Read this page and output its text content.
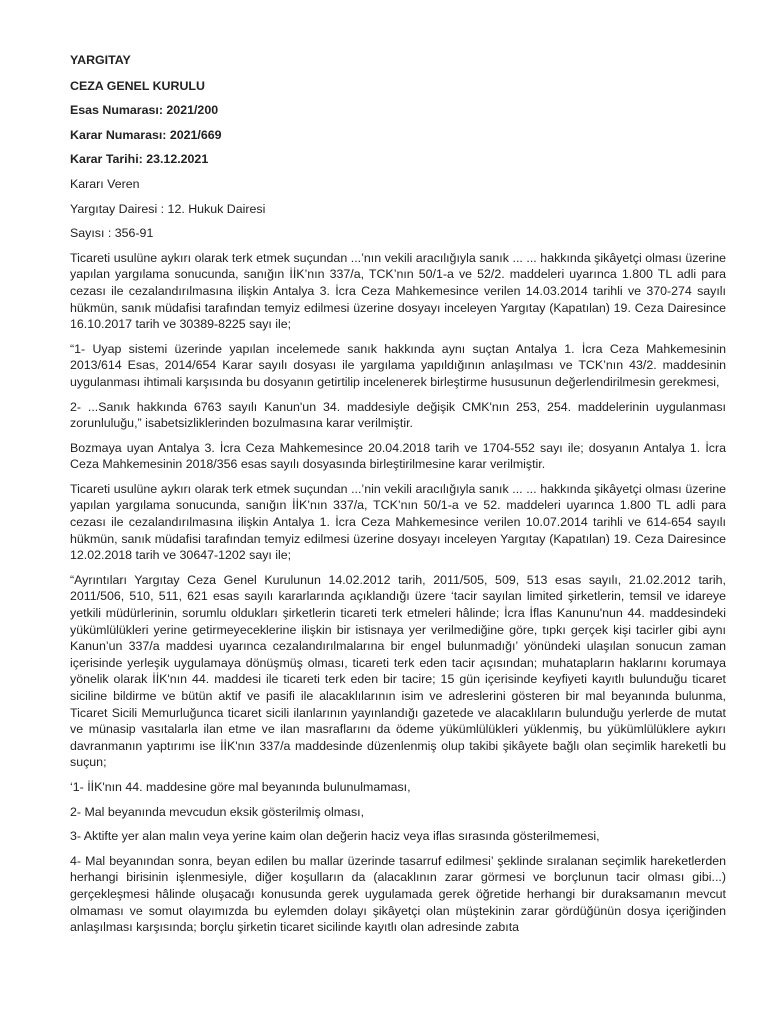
YARGITAY
CEZA GENEL KURULU
Esas Numarası: 2021/200
Karar Numarası: 2021/669
Karar Tarihi: 23.12.2021
Kararı Veren
Yargıtay Dairesi : 12. Hukuk Dairesi
Sayısı : 356-91

Ticareti usulüne aykırı olarak terk etmek suçundan ...’nın vekili aracılığıyla sanık ... ... hakkında şikâyetçi olması üzerine yapılan yargılama sonucunda, sanığın İİK’nın 337/a, TCK’nın 50/1-a ve 52/2. maddeleri uyarınca 1.800 TL adli para cezası ile cezalandırılmasına ilişkin Antalya 3. İcra Ceza Mahkemesince verilen 14.03.2014 tarihli ve 370-274 sayılı hükmün, sanık müdafisi tarafından temyiz edilmesi üzerine dosyayı inceleyen Yargıtay (Kapatılan) 19. Ceza Dairesince 16.10.2017 tarih ve 30389-8225 sayı ile;

“1- Uyap sistemi üzerinde yapılan incelemede sanık hakkında aynı suçtan Antalya 1. İcra Ceza Mahkemesinin 2013/614 Esas, 2014/654 Karar sayılı dosyası ile yargılama yapıldığının anlaşılması ve TCK’nın 43/2. maddesinin uygulanması ihtimali karşısında bu dosyanın getirtilip incelenerek birleştirme hususunun değerlendirilmesin gerekmesi,

2- ...Sanık hakkında 6763 sayılı Kanun'un 34. maddesiyle değişik CMK'nın 253, 254. maddelerinin uygulanması zorunluluğu,” isabetsizliklerinden bozulmasına karar verilmiştir.

Bozmaya uyan Antalya 3. İcra Ceza Mahkemesince 20.04.2018 tarih ve 1704-552 sayı ile; dosyanın Antalya 1. İcra Ceza Mahkemesinin 2018/356 esas sayılı dosyasında birleştirilmesine karar verilmiştir.

Ticareti usulüne aykırı olarak terk etmek suçundan ...’nin vekili aracılığıyla sanık ... ... hakkında şikâyetçi olması üzerine yapılan yargılama sonucunda, sanığın İİK’nın 337/a, TCK’nın 50/1-a ve 52. maddeleri uyarınca 1.800 TL adli para cezası ile cezalandırılmasına ilişkin Antalya 1. İcra Ceza Mahkemesince verilen 10.07.2014 tarihli ve 614-654 sayılı hükmün, sanık müdafisi tarafından temyiz edilmesi üzerine dosyayı inceleyen Yargıtay (Kapatılan) 19. Ceza Dairesince 12.02.2018 tarih ve 30647-1202 sayı ile;

“Ayrıntıları Yargıtay Ceza Genel Kurulunun 14.02.2012 tarih, 2011/505, 509, 513 esas sayılı, 21.02.2012 tarih, 2011/506, 510, 511, 621 esas sayılı kararlarında açıklandığı üzere ‘tacir sayılan limited şirketlerin, temsil ve idareye yetkili müdürlerinin, sorumlu oldukları şirketlerin ticareti terk etmeleri hâlinde; İcra İflas Kanunu'nun 44. maddesindeki yükümlülükleri yerine getirmeyeceklerine ilişkin bir istisnaya yer verilmediğine göre, tıpkı gerçek kişi tacirler gibi aynı Kanun’un 337/a maddesi uyarınca cezalandırılmalarına bir engel bulunmadığı’ yönündeki ulaşılan sonucun zaman içerisinde yerleşik uygulamaya dönüşmüş olması, ticareti terk eden tacir açısından; muhatapların haklarını korumaya yönelik olarak İİK'nın 44. maddesi ile ticareti terk eden bir tacire; 15 gün içerisinde keyfiyeti kayıtlı bulunduğu ticaret siciline bildirme ve bütün aktif ve pasifi ile alacaklılarının isim ve adreslerini gösteren bir mal beyanında bulunma, Ticaret Sicili Memurluğunca ticaret sicili ilanlarının yayınlandığı gazetede ve alacaklıların bulunduğu yerlerde de mutat ve münasip vasıtalarla ilan etme ve ilan masraflarını da ödeme yükümlülükleri yüklenmiş, bu yükümlülüklere aykırı davranmanın yaptırımı ise İİK'nın 337/a maddesinde düzenlenmiş olup takibi şikâyete bağlı olan seçimlik hareketli bu suçun;

‘1- İİK'nın 44. maddesine göre mal beyanında bulunulmaması,
2- Mal beyanında mevcudun eksik gösterilmiş olması,
3- Aktifte yer alan malın veya yerine kaim olan değerin haciz veya iflas sırasında gösterilmemesi,

4- Mal beyanından sonra, beyan edilen bu mallar üzerinde tasarruf edilmesi’ şeklinde sıralanan seçimlik hareketlerden herhangi birisinin işlenmesiyle, diğer koşulların da (alacaklının zarar görmesi ve borçlunun tacir olması gibi...) gerçekleşmesi hâlinde oluşacağı konusunda gerek uygulamada gerek öğretide herhangi bir duraksamanın mevcut olmaması ve somut olayımızda bu eylemden dolayı şikâyetçi olan müştekinin zarar gördüğünün dosya içeriğinden anlaşılması karşısında; borçlu şirketin ticaret sicilinde kayıtlı olan adresinde zabıta
